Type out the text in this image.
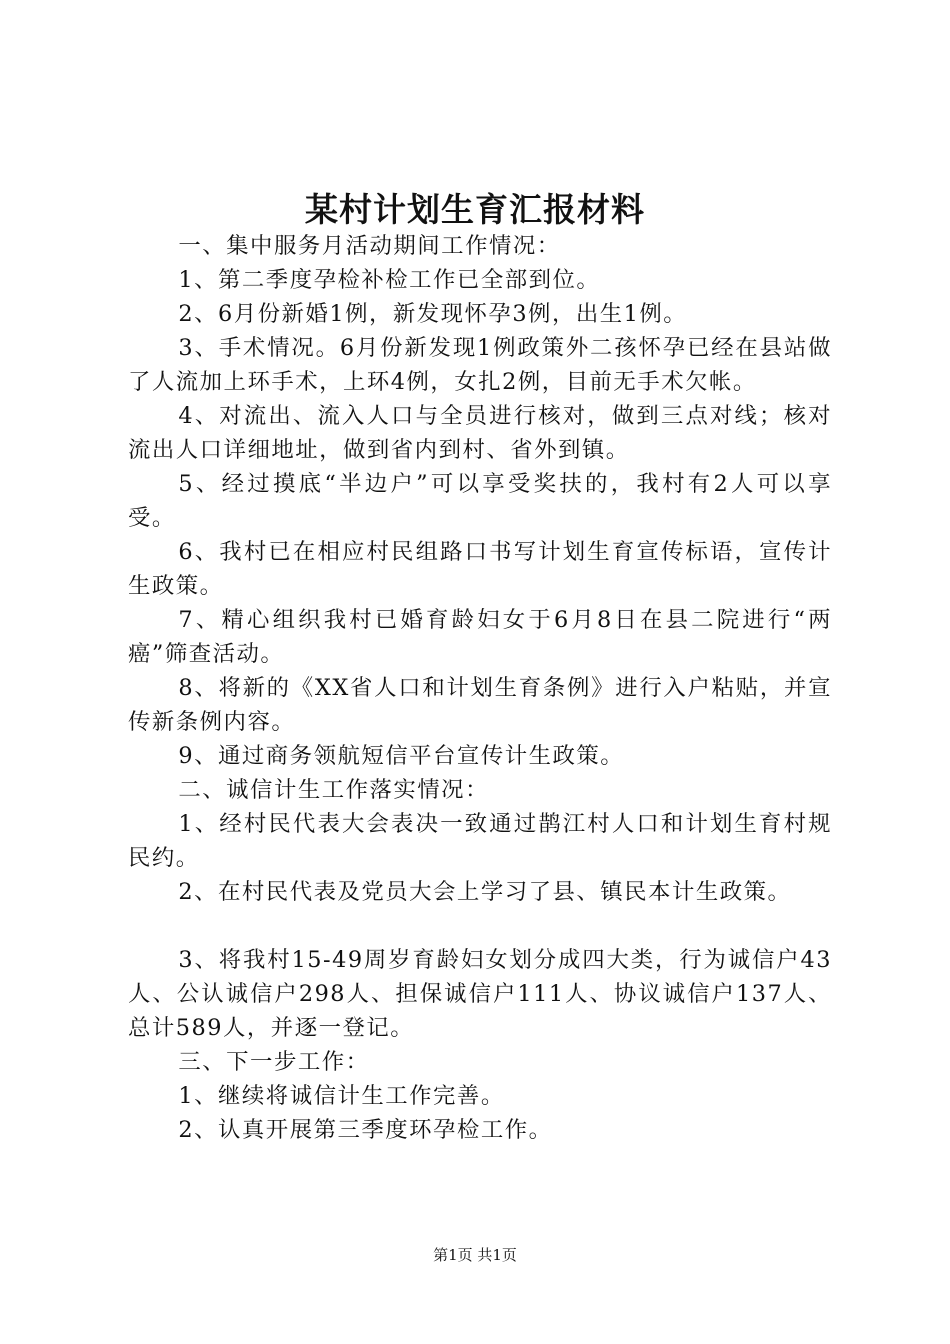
某村计划生育汇报材料

一、集中服务月活动期间工作情况：

1、第二季度孕检补检工作已全部到位。

2、6月份新婚1例，新发现怀孕3例，出生1例。

3、手术情况。6月份新发现1例政策外二孩怀孕已经在县站做了人流加上环手术，上环4例，女扎2例，目前无手术欠帐。

4、对流出、流入人口与全员进行核对，做到三点对线；核对流出人口详细地址，做到省内到村、省外到镇。

5、经过摸底“半边户”可以享受奖扶的，我村有2人可以享受。

6、我村已在相应村民组路口书写计划生育宣传标语，宣传计生政策。

7、精心组织我村已婚育龄妇女于6月8日在县二院进行“两癌”筛查活动。

8、将新的《XX省人口和计划生育条例》进行入户粘贴，并宣传新条例内容。

9、通过商务领航短信平台宣传计生政策。

二、诚信计生工作落实情况：

1、经村民代表大会表决一致通过鹊江村人口和计划生育村规民约。

2、在村民代表及党员大会上学习了县、镇民本计生政策。

3、将我村15-49周岁育龄妇女划分成四大类，行为诚信户43人、公认诚信户298人、担保诚信户111人、协议诚信户137人、总计589人，并逐一登记。

三、下一步工作：

1、继续将诚信计生工作完善。

2、认真开展第三季度环孕检工作。

第1页 共1页
